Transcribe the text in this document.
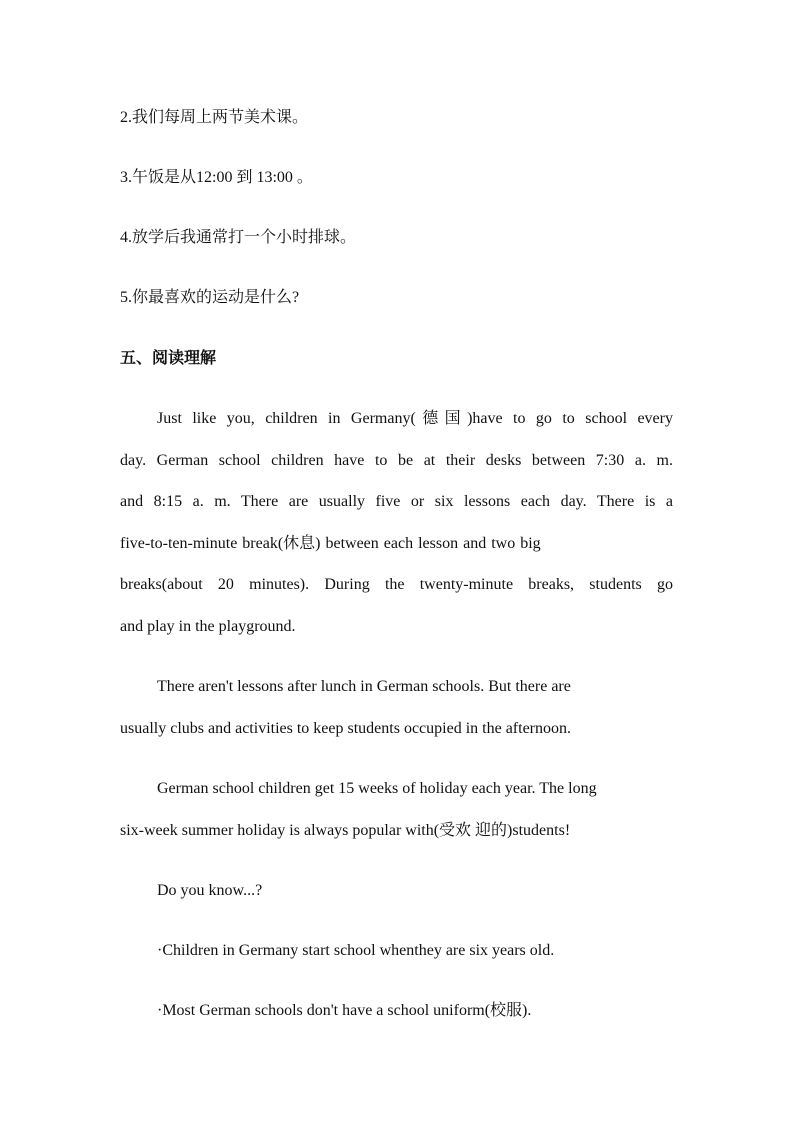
2.我们每周上两节美术课。
3.午饭是从12:00 到 13:00 。
4.放学后我通常打一个小时排球。
5.你最喜欢的运动是什么?
五、阅读理解
Just like you, children in Germany(德国)have to go to school every
day. German school children have to be at their desks between 7:30 a. m.
and 8:15 a. m. There are usually five or six lessons each day. There is a
five-to-ten-minute break(休息) between each lesson and two big
breaks(about 20 minutes). During the twenty-minute breaks, students go
and play in the playground.
There aren't lessons after lunch in German schools. But there are
usually clubs and activities to keep students occupied in the afternoon.
German school children get 15 weeks of holiday each year. The long
six-week summer holiday is always popular with(受欢 迎的)students!
Do you know...?
·Children in Germany start school whenthey are six years old.
·Most German schools don't have a school uniform(校服).
